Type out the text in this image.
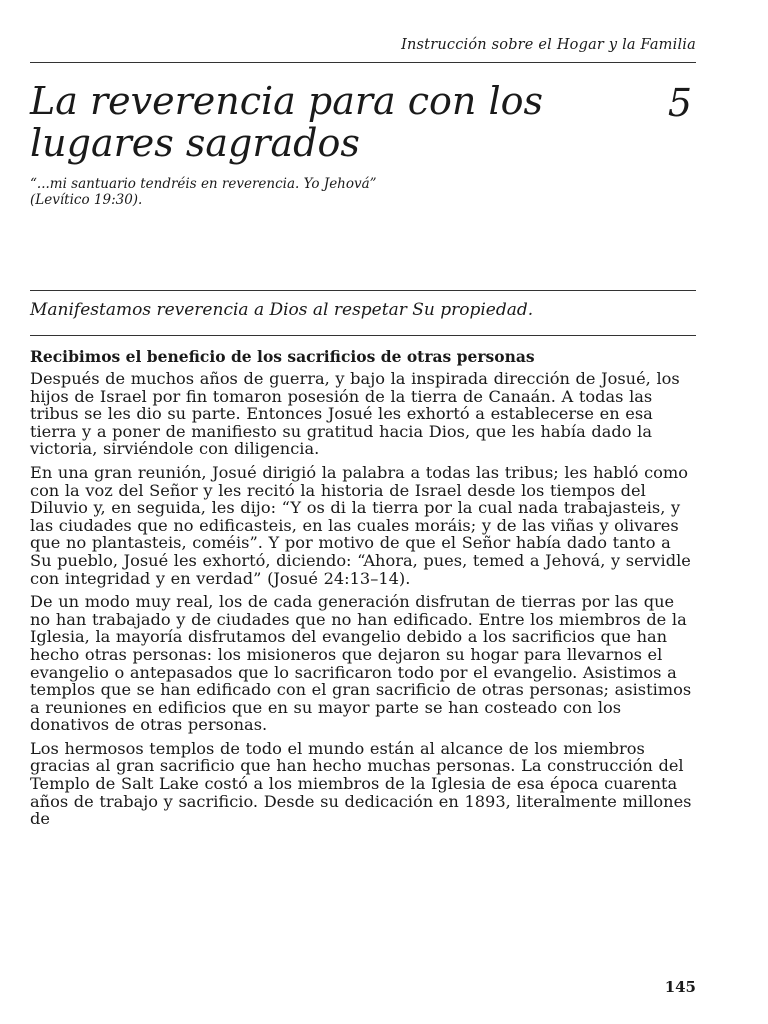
Instrucción sobre el Hogar y la Familia
La reverencia para con los lugares sagrados
5
“...mi santuario tendréis en reverencia. Yo Jehová”
(Levítico 19:30).
Manifestamos reverencia a Dios al respetar Su propiedad.
Recibimos el beneficio de los sacrificios de otras personas

Después de muchos años de guerra, y bajo la inspirada dirección de Josué, los hijos de Israel por fin tomaron posesión de la tierra de Canaán. A todas las tribus se les dio su parte. Entonces Josué les exhortó a establecerse en esa tierra y a poner de manifiesto su gratitud hacia Dios, que les había dado la victoria, sirviéndole con diligencia.

En una gran reunión, Josué dirigió la palabra a todas las tribus; les habló como con la voz del Señor y les recitó la historia de Israel desde los tiempos del Diluvio y, en seguida, les dijo: “Y os di la tierra por la cual nada trabajasteis, y las ciudades que no edificasteis, en las cuales moráis; y de las viñas y olivares que no plantasteis, coméis”. Y por motivo de que el Señor había dado tanto a Su pueblo, Josué les exhortó, diciendo: “Ahora, pues, temed a Jehová, y servidle con integridad y en verdad” (Josué 24:13–14).

De un modo muy real, los de cada generación disfrutan de tierras por las que no han trabajado y de ciudades que no han edificado. Entre los miembros de la Iglesia, la mayoría disfrutamos del evangelio debido a los sacrificios que han hecho otras personas: los misioneros que dejaron su hogar para llevarnos el evangelio o antepasados que lo sacrificaron todo por el evangelio. Asistimos a templos que se han edificado con el gran sacrificio de otras personas; asistimos a reuniones en edificios que en su mayor parte se han costeado con los donativos de otras personas.

Los hermosos templos de todo el mundo están al alcance de los miembros gracias al gran sacrificio que han hecho muchas personas. La construcción del Templo de Salt Lake costó a los miembros de la Iglesia de esa época cuarenta años de trabajo y sacrificio. Desde su dedicación en 1893, literalmente millones de

145
